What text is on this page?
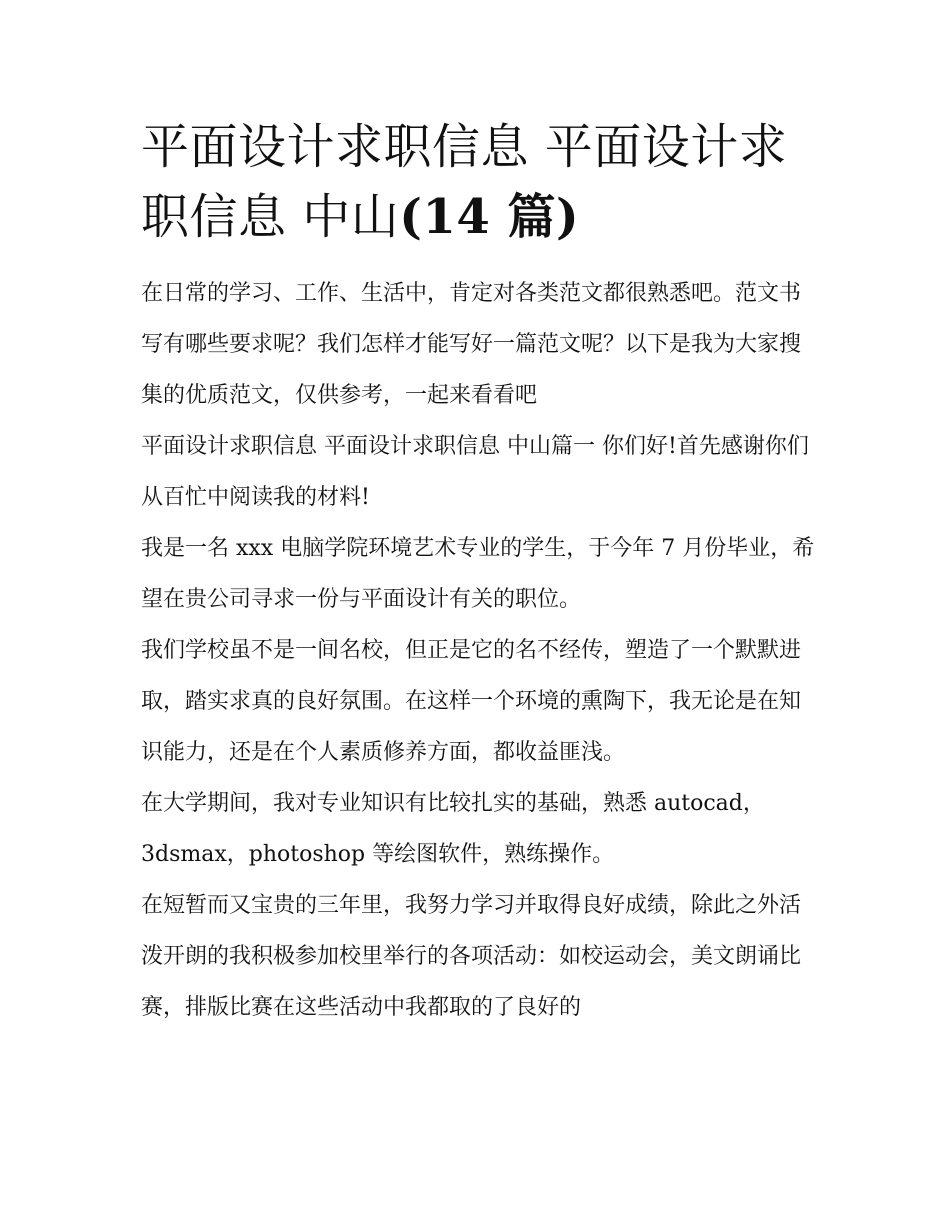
平面设计求职信息 平面设计求职信息 中山(14 篇)

在日常的学习、工作、生活中，肯定对各类范文都很熟悉吧。范文书写有哪些要求呢？我们怎样才能写好一篇范文呢？以下是我为大家搜集的优质范文，仅供参考，一起来看看吧

平面设计求职信息 平面设计求职信息 中山篇一 你们好!首先感谢你们从百忙中阅读我的材料!

我是一名 xxx 电脑学院环境艺术专业的学生，于今年 7 月份毕业，希望在贵公司寻求一份与平面设计有关的职位。

我们学校虽不是一间名校，但正是它的名不经传，塑造了一个默默进取，踏实求真的良好氛围。在这样一个环境的熏陶下，我无论是在知识能力，还是在个人素质修养方面，都收益匪浅。

在大学期间，我对专业知识有比较扎实的基础，熟悉 autocad，3dsmax，photoshop 等绘图软件，熟练操作。

在短暂而又宝贵的三年里，我努力学习并取得良好成绩，除此之外活泼开朗的我积极参加校里举行的各项活动：如校运动会，美文朗诵比赛，排版比赛在这些活动中我都取的了良好的
